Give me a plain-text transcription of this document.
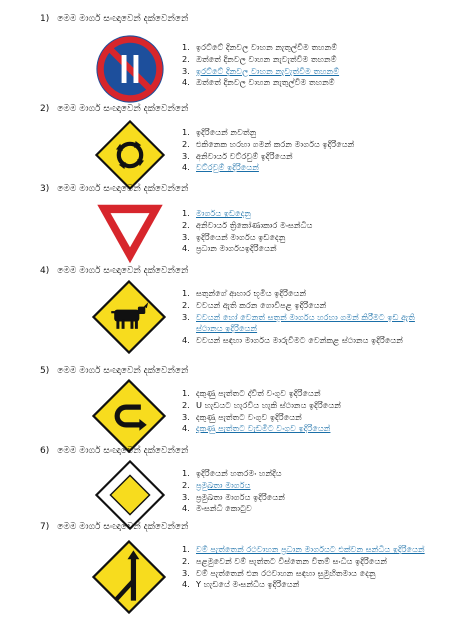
1) මෙම මාර්ග සංඥාවෙන් දක්වෙන්නේ
1. ඉරට්ටේ දිනවල වාහන නැතුල්වීම තහනම්
2. ඔත්තේ දිනවල වාහන නැවැත්වීම තහනම්
3. ඉරට්ටේ දිනවල වාහන නැවැත්වීම තහනම්
4. ඔත්තේ දිනවල වාහන නැතුල්වීම තහනම්
2) මෙම මාර්ග සංඥාවෙන් දක්වෙන්නේ
1. ඉදිරියෙන් නවත්නු
2. එකිනෙක හරහා ගමන් කරන මාර්ගය ඉදිරියෙන්
3. අනිවාර්ය වට්රවුම් ඉදිරියෙන්
4. වට්රවුම් ඉදිරියෙන්
3) මෙම මාර්ග සංඥාවෙන් දක්වෙන්නේ
1. මාර්ගය ඉඩදෙනු
2. අනිවාර්ය ත්‍රිකෝණාකාර මංසන්ධිය
3. ඉදිරියෙන් මාර්ගය ඉඩදෙනු
4. ප්‍රධාන මාර්ගයඉදිරියෙන්
4) මෙම මාර්ග සංඥාවෙන් දක්වෙන්නේ
1. සතුන්ගේ ආහාර භූමිය ඉදිරියෙන්
2. වවයන් ඇති කරන ගොවිපළ ඉදිරියෙන්
3. වවයන් හෝ වෙනත් සතුන් මාර්ගය හරහා ගමන් කිරීමට ඉඩ ඇති ස්ථානය ඉදිරියෙන්
4. වවයන් සඳහා මාර්ගය මාරුවීමට වෙන්කළ ස්ථානය ඉදිරියෙන්
5) මෙම මාර්ග සංඥාවෙන් දක්වෙන්නේ
1. දකුණු පැත්තට ද්විත් වංගුව ඉදිරියෙන්
2. U හැඩයට හැරවිය හැකි ස්ථානය ඉදිරියෙන්
3. දකුණු පැත්තට වංගුව ඉදිරියෙන්
4. දකුණු පැත්තට වැඩමීට වංගුව ඉදිරියෙන්
6) මෙම මාර්ග සංඥාවෙන් දක්වෙන්නේ
1. ඉදිරියෙන් හතරමං හන්දිය
2. ප්‍රමුඛතා මාර්ගය
3. ප්‍රමුඛතා මාර්ගය ඉදිරියෙන්
4. මංසන්ධි කොටුව
7) මෙම මාර්ග සංඥාවෙන් දක්වෙන්නේ
1. වම් පැත්තෙන් රථවාහන ප්‍රධාන මාර්ගයට එක්වන සන්ධිය ඉදිරියෙන්
2. පළමුවෙන් වම් පැත්තට විස්තෙන වීතම් සංධිය ඉදිරියෙන්
3. වම් පැත්තෙන් එන රථවාහන සඳහා සුමුහිතමාය දෙනු
4. Y හැඩයේ මංසන්ධිය ඉදිරියෙන්
